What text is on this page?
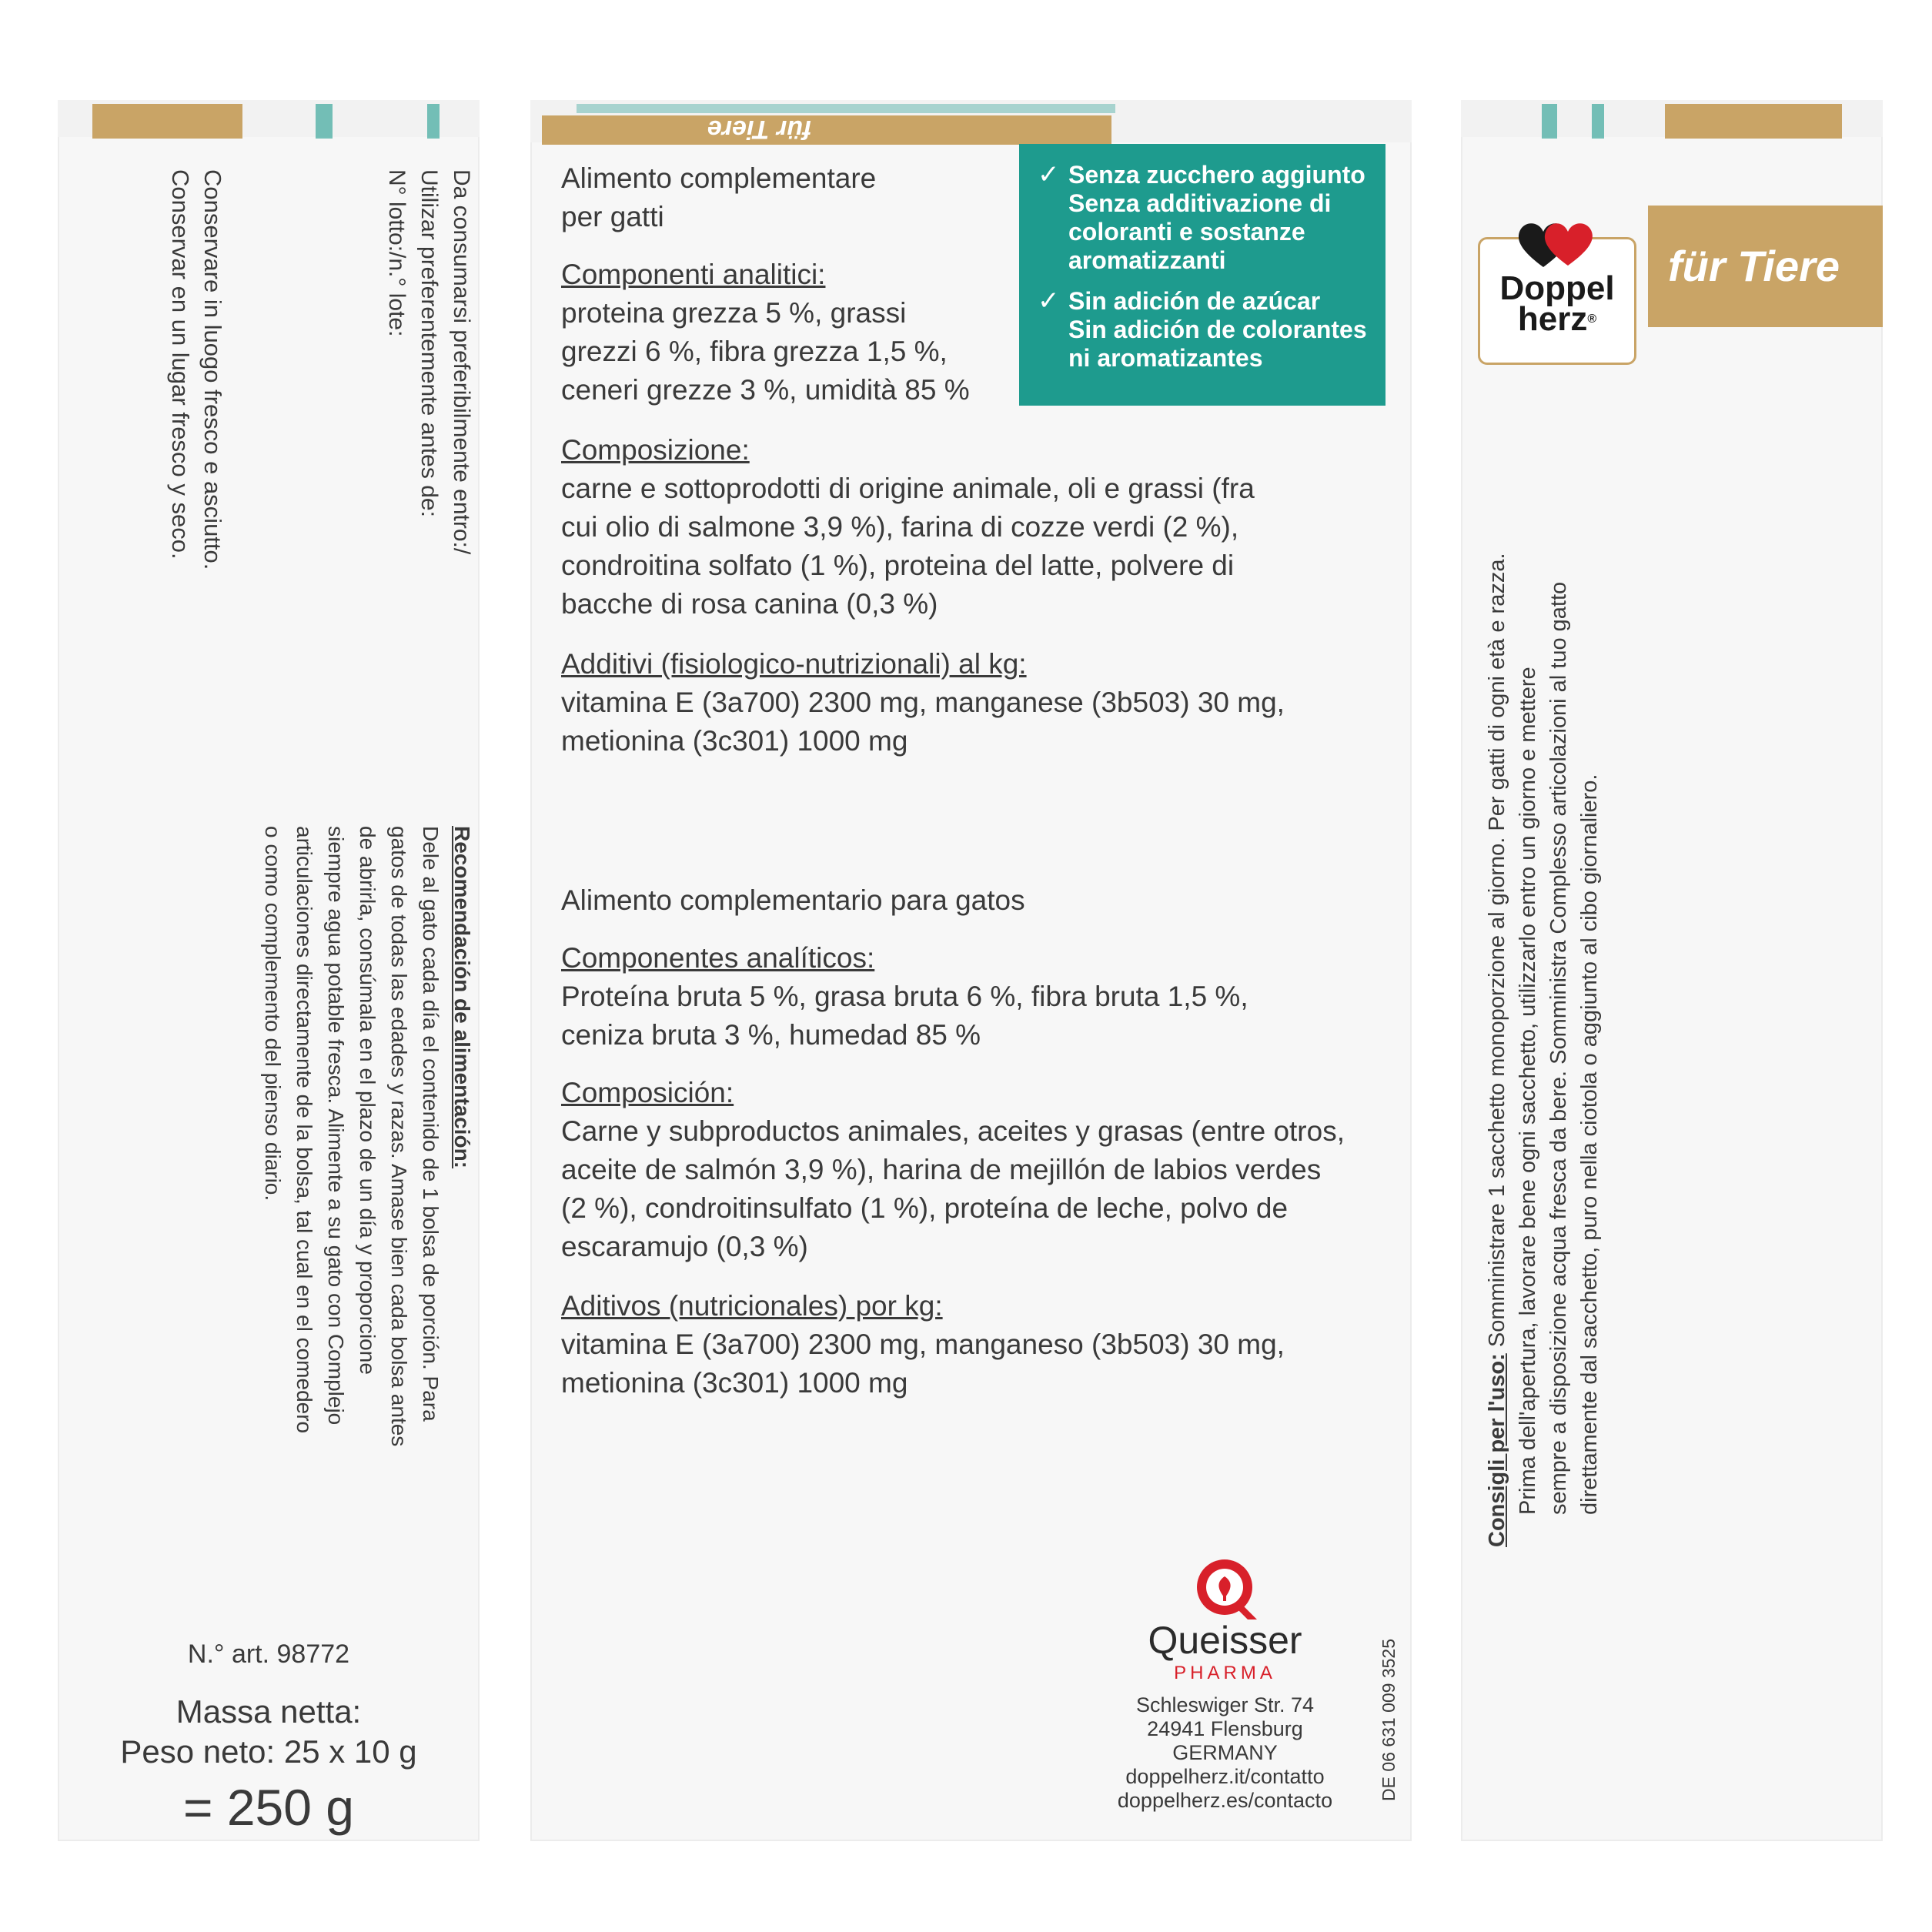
Da consumarsi preferibilmente entro:/
Utilizar preferentemente antes de:
N° lotto:/n.° lote:
Conservare in luogo fresco e asciutto.
Conservar en un lugar fresco y seco.
Recomendación de alimentación:
Dele al gato cada día el contenido de 1 bolsa de porción. Para
gatos de todas las edades y razas. Amase bien cada bolsa antes
de abrirla, consúmala en el plazo de un día y proporcione
siempre agua potable fresca. Alimente a su gato con Complejo
articulaciones directamente de la bolsa, tal cual en el comedero
o como complemento del pienso diario.
N.° art. 98772
Massa netta:
Peso neto: 25 x 10 g
= 250 g
für Tiere
Alimento complementare
per gatti
Componenti analitici:
proteina grezza 5 %, grassi
grezzi 6 %, fibra grezza 1,5 %,
ceneri grezze 3 %, umidità 85 %
Composizione:
carne e sottoprodotti di origine animale, oli e grassi (fra
cui olio di salmone 3,9 %), farina di cozze verdi (2 %),
condroitina solfato (1 %), proteina del latte, polvere di
bacche di rosa canina (0,3 %)
Additivi (fisiologico-nutrizionali) al kg:
vitamina E (3a700) 2300 mg, manganese (3b503) 30 mg,
metionina (3c301) 1000 mg
✓ Senza zucchero aggiunto
Senza additivazione di
coloranti e sostanze
aromatizzanti
✓ Sin adición de azúcar
Sin adición de colorantes
ni aromatizantes
Alimento complementario para gatos
Componentes analíticos:
Proteína bruta 5 %, grasa bruta 6 %, fibra bruta 1,5 %,
ceniza bruta 3 %, humedad 85 %
Composición:
Carne y subproductos animales, aceites y grasas (entre otros,
aceite de salmón 3,9 %), harina de mejillón de labios verdes
(2 %), condroitinsulfato (1 %), proteína de leche, polvo de
escaramujo (0,3 %)
Aditivos (nutricionales) por kg:
vitamina E (3a700) 2300 mg, manganeso (3b503) 30 mg,
metionina (3c301) 1000 mg
Queisser
PHARMA
Schleswiger Str. 74
24941 Flensburg
GERMANY
doppelherz.it/contatto
doppelherz.es/contacto	DE 06 631 009 3525
Doppel
herz®
für Tiere
Consigli per l'uso: Somministrare 1 sacchetto monoporzione al giorno. Per gatti di ogni età e razza. Prima dell'apertura, lavorare bene ogni sacchetto, utilizzarlo entro un giorno e mettere sempre a disposizione acqua fresca da bere. Somministra Complesso articolazioni al tuo gatto direttamente dal sacchetto, puro nella ciotola o aggiunto al cibo giornaliero.
